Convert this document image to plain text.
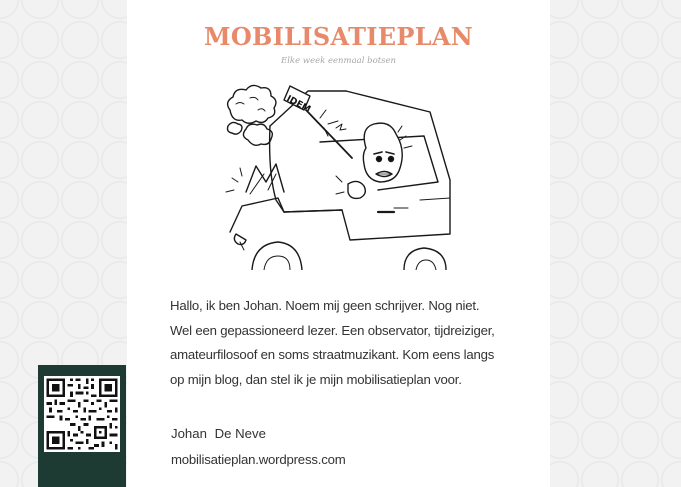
MOBILISATIEPLAN

Elke week eenmaal botsen

IDEM
Hallo, ik ben Johan. Noem mij geen schrijver. Nog niet.
Wel een gepassioneerd lezer. Een observator, tijdreiziger,
amateurfilosoof en soms straatmuzikant. Kom eens langs
op mijn blog, dan stel ik je mijn mobilisatieplan voor.
Johan De Neve
mobilisatieplan.wordpress.com
